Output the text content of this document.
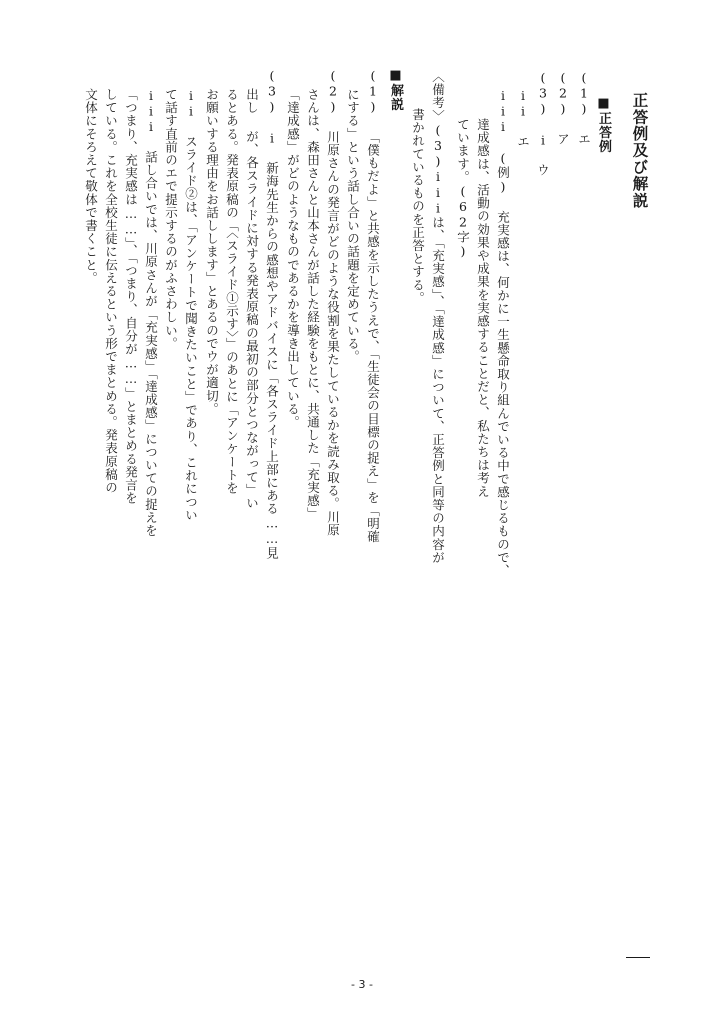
正答例及び解説
■正答例
(1) エ
(2) ア
(3) i ウ
ii エ
iii (例) 充実感は、何かに一生懸命取り組んでいる中で感じるもので、
達成感は、活動の効果や成果を実感することだと、私たちは考え
ています。(62字)
〈備考〉(3)iiiは、「充実感」、「達成感」について、正答例と同等の内容が
書かれているものを正答とする。
■解説
(1) 「僕もだよ」と共感を示したうえで、「生徒会の目標の捉え」を「明確
にする」という話し合いの話題を定めている。
(2) 川原さんの発言がどのような役割を果たしているかを読み取る。川原
さんは、森田さんと山本さんが話した経験をもとに、共通した「充実感」
「達成感」がどのようなものであるかを導き出している。
(3) i 新海先生からの感想やアドバイスに「各スライド上部にある……見
出し が、各スライドに対する発表原稿の最初の部分とつながって」い
るとある。発表原稿の「〈スライド①示す〉」のあとに「アンケートを
お願いする理由をお話しします」とあるのでウが適切。
ii スライド②は、「アンケートで聞きたいこと」であり、これについ
て話す直前のエで提示するのがふさわしい。
iii 話し合いでは、川原さんが「充実感」「達成感」についての捉えを
「つまり、充実感は……」、「つまり、自分が……」とまとめる発言を
している。これを全校生徒に伝えるという形でまとめる。発表原稿の
文体にそろえて敬体で書くこと。
- 3 -
